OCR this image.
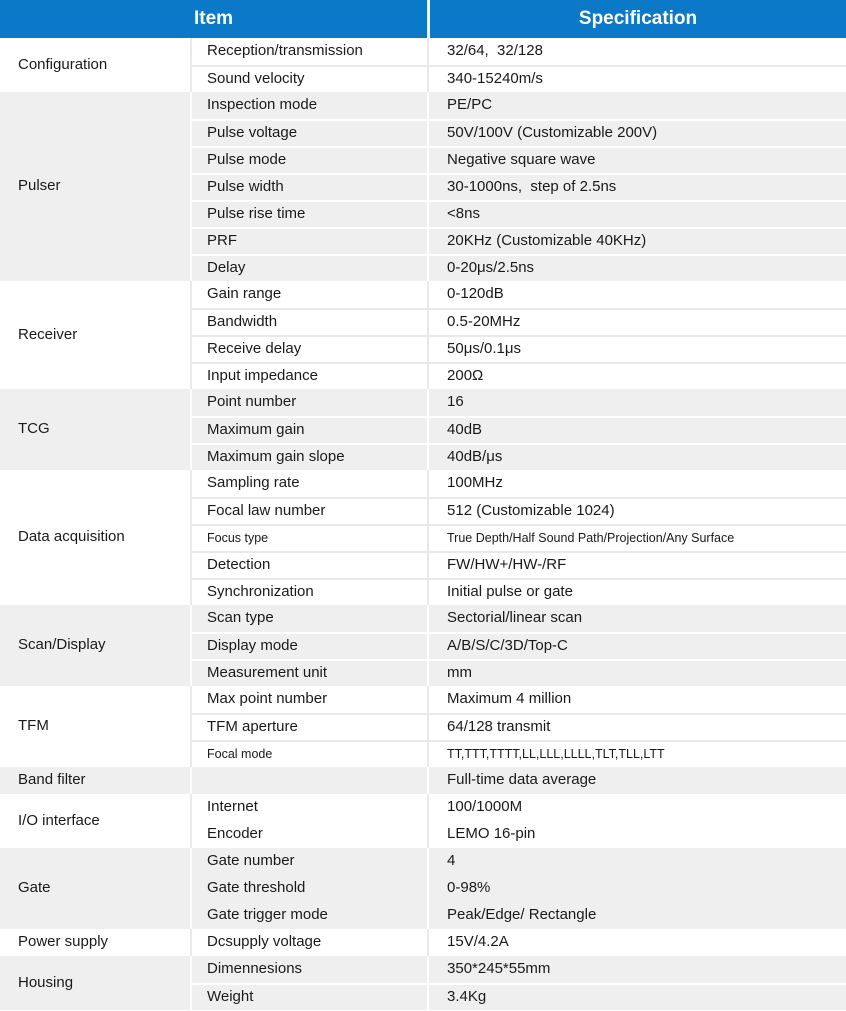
Item		Specification
Configuration	Reception/transmission	32/64,  32/128
	Sound velocity	340-15240m/s
Pulser	Inspection mode	PE/PC
	Pulse voltage	50V/100V (Customizable 200V)
	Pulse mode	Negative square wave
	Pulse width	30-1000ns,  step of 2.5ns
	Pulse rise time	<8ns
	PRF	20KHz (Customizable 40KHz)
	Delay	0-20μs/2.5ns
Receiver	Gain range	0-120dB
	Bandwidth	0.5-20MHz
	Receive delay	50μs/0.1μs
	Input impedance	200Ω
TCG	Point number	16
	Maximum gain	40dB
	Maximum gain slope	40dB/μs
Data acquisition	Sampling rate	100MHz
	Focal law number	512 (Customizable 1024)
	Focus type	True Depth/Half Sound Path/Projection/Any Surface
	Detection	FW/HW+/HW-/RF
	Synchronization	Initial pulse or gate
Scan/Display	Scan type	Sectorial/linear scan
	Display mode	A/B/S/C/3D/Top-C
	Measurement unit	mm
TFM	Max point number	Maximum 4 million
	TFM aperture	64/128 transmit
	Focal mode	TT,TTT,TTTT,LL,LLL,LLLL,TLT,TLL,LTT
Band filter		Full-time data average
I/O interface	Internet	100/1000M
	Encoder	LEMO 16-pin
Gate	Gate number	4
	Gate threshold	0-98%
	Gate trigger mode	Peak/Edge/ Rectangle
Power supply	Dcsupply voltage	15V/4.2A
Housing	Dimennesions	350*245*55mm
	Weight	3.4Kg
